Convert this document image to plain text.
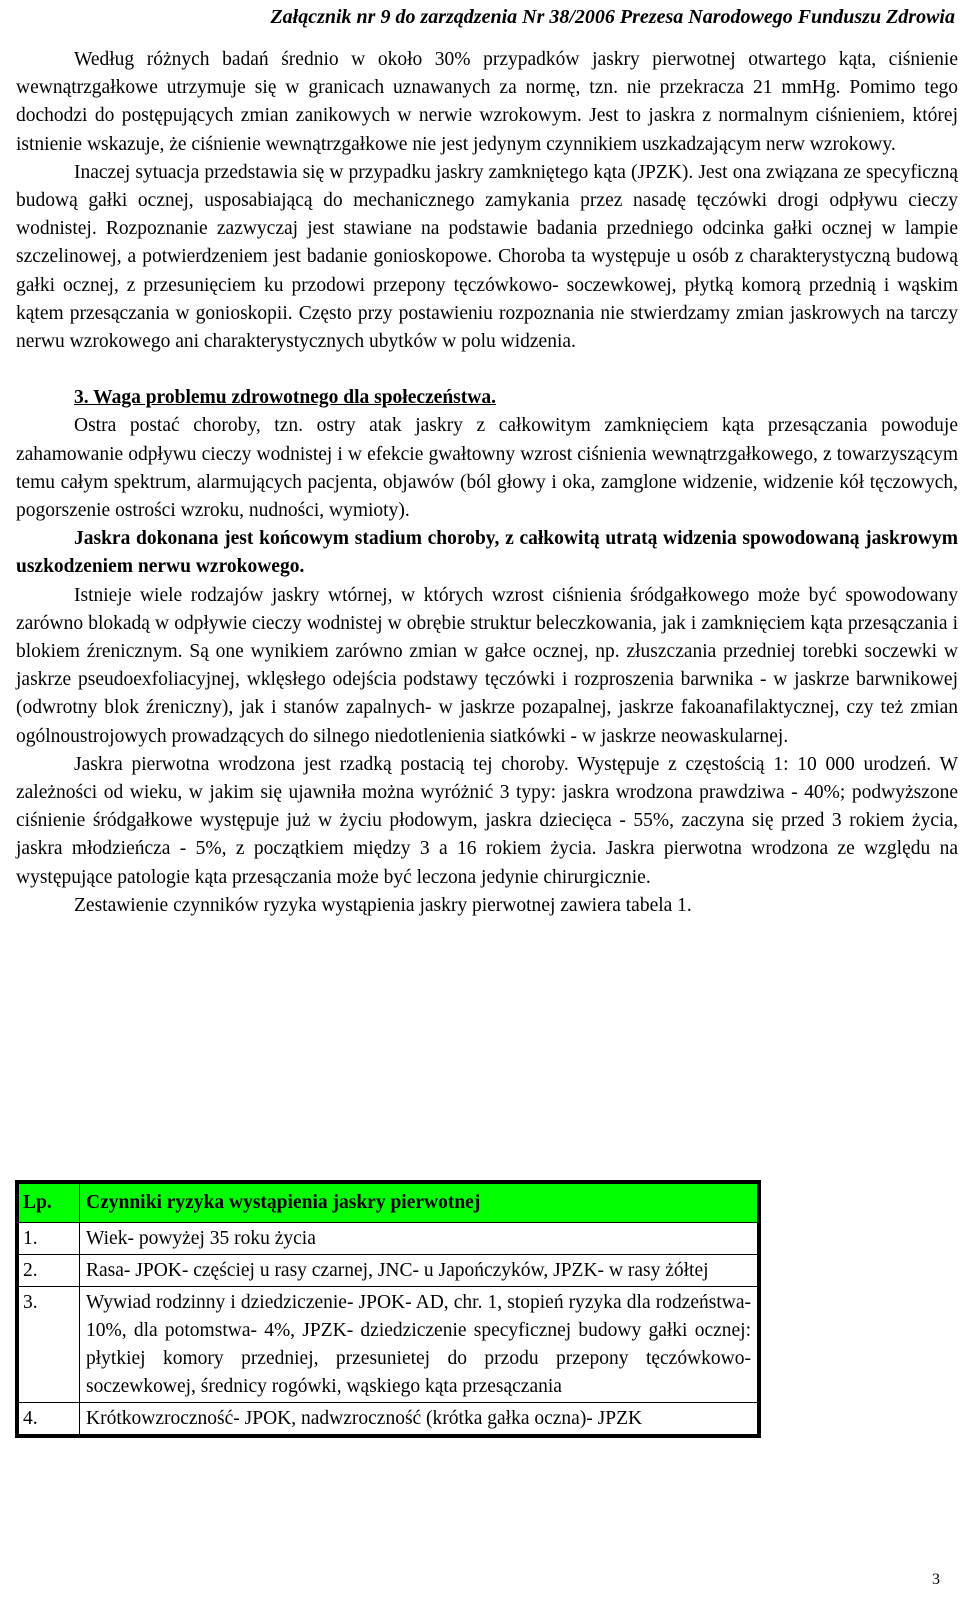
Załącznik nr 9 do zarządzenia Nr 38/2006 Prezesa Narodowego Funduszu Zdrowia

Według różnych badań średnio w około 30% przypadków jaskry pierwotnej otwartego kąta, ciśnienie wewnątrzgałkowe utrzymuje się w granicach uznawanych za normę, tzn. nie przekracza 21 mmHg. Pomimo tego dochodzi do postępujących zmian zanikowych w nerwie wzrokowym. Jest to jaskra z normalnym ciśnieniem, której istnienie wskazuje, że ciśnienie wewnątrzgałkowe nie jest jedynym czynnikiem uszkadzającym nerw wzrokowy.

Inaczej sytuacja przedstawia się w przypadku jaskry zamkniętego kąta (JPZK). Jest ona związana ze specyficzną budową gałki ocznej, usposabiającą do mechanicznego zamykania przez nasadę tęczówki drogi odpływu cieczy wodnistej. Rozpoznanie zazwyczaj jest stawiane na podstawie badania przedniego odcinka gałki ocznej w lampie szczelinowej, a potwierdzeniem jest badanie gonioskopowe. Choroba ta występuje u osób z charakterystyczną budową gałki ocznej, z przesunięciem ku przodowi przepony tęczówkowo- soczewkowej, płytką komorą przednią i wąskim kątem przesączania w gonioskopii. Często przy postawieniu rozpoznania nie stwierdzamy zmian jaskrowych na tarczy nerwu wzrokowego ani charakterystycznych ubytków w polu widzenia.

3. Waga problemu zdrowotnego dla społeczeństwa.

Ostra postać choroby, tzn. ostry atak jaskry z całkowitym zamknięciem kąta przesączania powoduje zahamowanie odpływu cieczy wodnistej i w efekcie gwałtowny wzrost ciśnienia wewnątrzgałkowego, z towarzyszącym temu całym spektrum, alarmujących pacjenta, objawów (ból głowy i oka, zamglone widzenie, widzenie kół tęczowych, pogorszenie ostrości wzroku, nudności, wymioty).

Jaskra dokonana jest końcowym stadium choroby, z całkowitą utratą widzenia spowodowaną jaskrowym uszkodzeniem nerwu wzrokowego.

Istnieje wiele rodzajów jaskry wtórnej, w których wzrost ciśnienia śródgałkowego może być spowodowany zarówno blokadą w odpływie cieczy wodnistej w obrębie struktur beleczkowania, jak i zamknięciem kąta przesączania i blokiem źrenicznym. Są one wynikiem zarówno zmian w gałce ocznej, np. złuszczania przedniej torebki soczewki w jaskrze pseudoexfoliacyjnej, wklęsłego odejścia podstawy tęczówki i rozproszenia barwnika - w jaskrze barwnikowej (odwrotny blok źreniczny), jak i stanów zapalnych- w jaskrze pozapalnej, jaskrze fakoanafilaktycznej, czy też zmian ogólnoustrojowych prowadzących do silnego niedotlenienia siatkówki - w jaskrze neowaskularnej.

Jaskra pierwotna wrodzona jest rzadką postacią tej choroby. Występuje z częstością 1: 10 000 urodzeń. W zależności od wieku, w jakim się ujawniła można wyróżnić 3 typy: jaskra wrodzona prawdziwa - 40%; podwyższone ciśnienie śródgałkowe występuje już w życiu płodowym, jaskra dziecięca - 55%, zaczyna się przed 3 rokiem życia, jaskra młodzieńcza - 5%, z początkiem między 3 a 16 rokiem życia. Jaskra pierwotna wrodzona ze względu na występujące patologie kąta przesączania może być leczona jedynie chirurgicznie.

Zestawienie czynników ryzyka wystąpienia jaskry pierwotnej zawiera tabela 1.

Lp.	Czynniki ryzyka wystąpienia jaskry pierwotnej
1.	Wiek- powyżej 35 roku życia
2.	Rasa- JPOK- częściej u rasy czarnej, JNC- u Japończyków, JPZK- w rasy żółtej
3.	Wywiad rodzinny i dziedziczenie- JPOK- AD, chr. 1, stopień ryzyka dla rodzeństwa- 10%, dla potomstwa- 4%, JPZK- dziedziczenie specyficznej budowy gałki ocznej: płytkiej komory przedniej, przesunietej do przodu przepony tęczówkowo- soczewkowej, średnicy rogówki, wąskiego kąta przesączania
4.	Krótkowzroczność- JPOK, nadwzroczność (krótka gałka oczna)- JPZK
3
